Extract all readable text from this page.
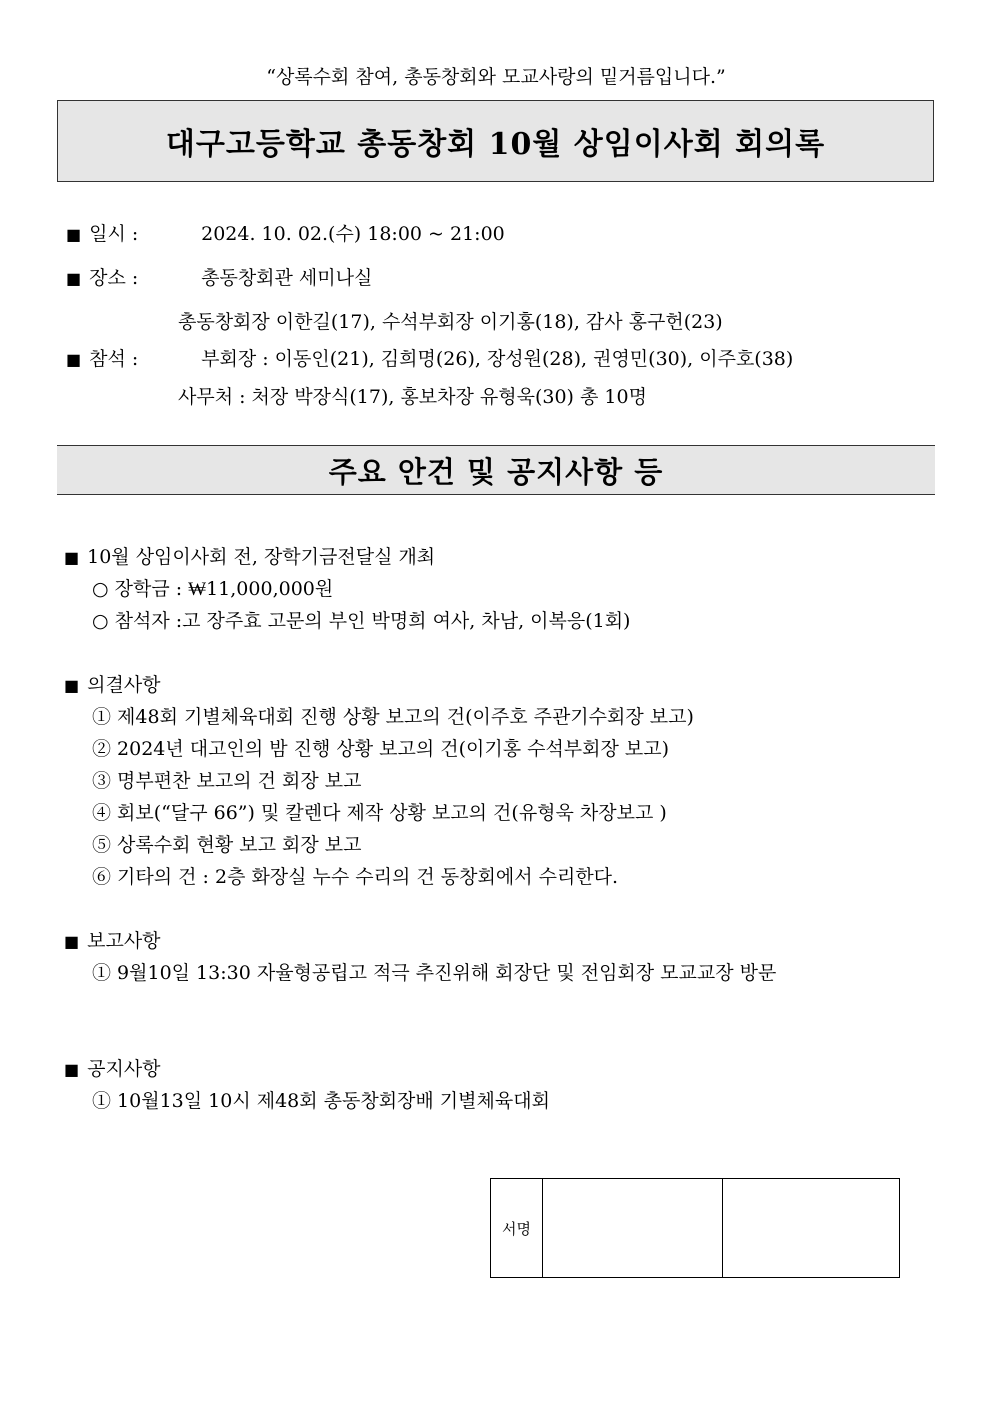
“상록수회 참여, 총동창회와 모교사랑의 밑거름입니다.”
대구고등학교 총동창회 10월 상임이사회 회의록
■ 일시 :	2024. 10. 02.(수) 18:00 ~ 21:00
■ 장소 :	총동창회관 세미나실
총동창회장 이한길(17), 수석부회장 이기홍(18), 감사 홍구헌(23)
■ 참석 :	부회장 : 이동인(21), 김희명(26), 장성원(28), 권영민(30), 이주호(38)
사무처 : 처장 박장식(17), 홍보차장 유형욱(30) 총 10명
주요 안건 및 공지사항 등
■ 10월 상임이사회 전, 장학기금전달실 개최
○ 장학금 : ₩11,000,000원
○ 참석자 :고 장주효 고문의 부인 박명희 여사, 차남, 이복응(1회)
■ 의결사항
① 제48회 기별체육대회 진행 상황 보고의 건(이주호 주관기수회장 보고)
② 2024년 대고인의 밤 진행 상황 보고의 건(이기홍 수석부회장 보고)
③ 명부편찬 보고의 건 회장 보고
④ 회보(“달구 66”) 및 칼렌다 제작 상황 보고의 건(유형욱 차장보고 )
⑤ 상록수회 현황 보고 회장 보고
⑥ 기타의 건 : 2층 화장실 누수 수리의 건 동창회에서 수리한다.
■ 보고사항
① 9월10일 13:30 자율형공립고 적극 추진위해 회장단 및 전임회장 모교교장 방문
■ 공지사항
① 10월13일 10시 제48회 총동창회장배 기별체육대회
서명
